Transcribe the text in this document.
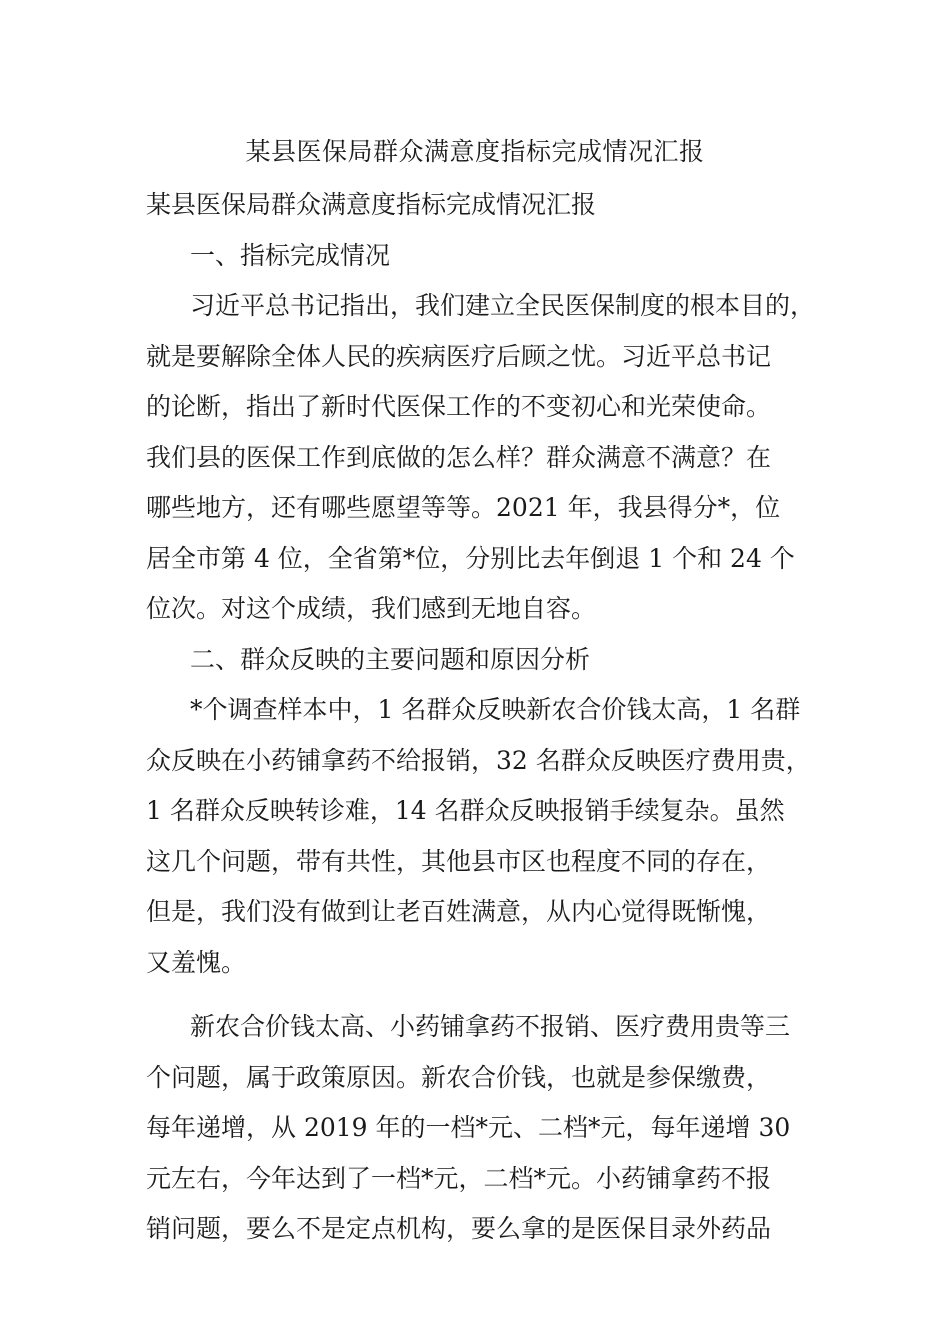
某县医保局群众满意度指标完成情况汇报
某县医保局群众满意度指标完成情况汇报
一、指标完成情况
习近平总书记指出，我们建立全民医保制度的根本目的，
就是要解除全体人民的疾病医疗后顾之忧。习近平总书记
的论断，指出了新时代医保工作的不变初心和光荣使命。
我们县的医保工作到底做的怎么样？群众满意不满意？在
哪些地方，还有哪些愿望等等。2021 年，我县得分*，位
居全市第 4 位，全省第*位，分别比去年倒退 1 个和 24 个
位次。对这个成绩，我们感到无地自容。
二、群众反映的主要问题和原因分析
*个调查样本中，1 名群众反映新农合价钱太高，1 名群
众反映在小药铺拿药不给报销，32 名群众反映医疗费用贵，
1 名群众反映转诊难，14 名群众反映报销手续复杂。虽然
这几个问题，带有共性，其他县市区也程度不同的存在，
但是，我们没有做到让老百姓满意，从内心觉得既惭愧，
又羞愧。
新农合价钱太高、小药铺拿药不报销、医疗费用贵等三
个问题，属于政策原因。新农合价钱，也就是参保缴费，
每年递增，从 2019 年的一档*元、二档*元，每年递增 30
元左右，今年达到了一档*元，二档*元。小药铺拿药不报
销问题，要么不是定点机构，要么拿的是医保目录外药品
